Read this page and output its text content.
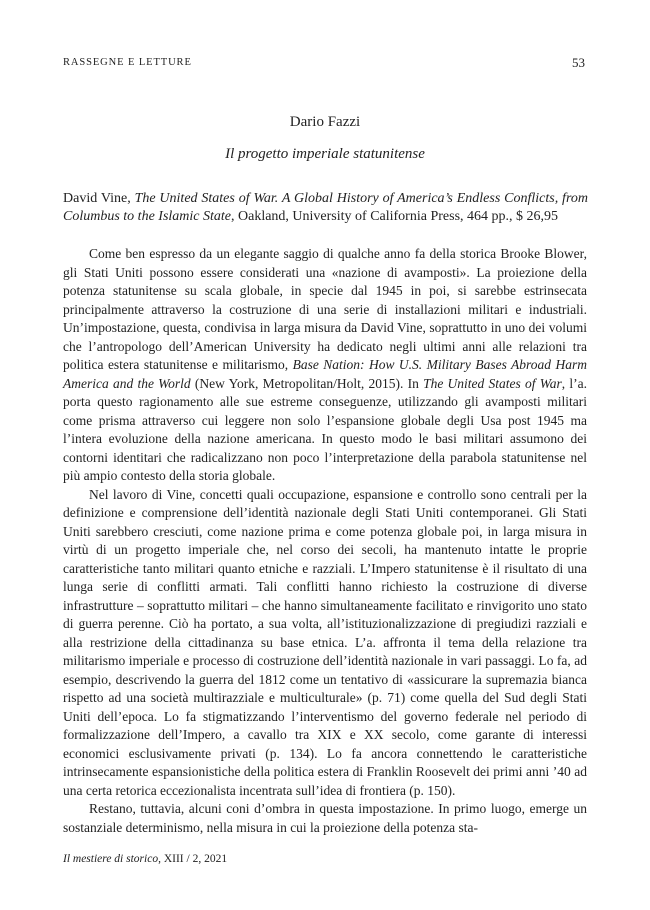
RASSEGNE E LETTURE	53
Dario Fazzi
Il progetto imperiale statunitense
David Vine, The United States of War. A Global History of America’s Endless Conflicts, from Columbus to the Islamic State, Oakland, University of California Press, 464 pp., $ 26,95

Come ben espresso da un elegante saggio di qualche anno fa della storica Brooke Blower, gli Stati Uniti possono essere considerati una «nazione di avamposti». La proiezione della potenza statunitense su scala globale, in specie dal 1945 in poi, si sarebbe estrinsecata principalmente attraverso la costruzione di una serie di installazioni militari e industriali. Un’impostazione, questa, condivisa in larga misura da David Vine, soprattutto in uno dei volumi che l’antropologo dell’American University ha dedicato negli ultimi anni alle relazioni tra politica estera statunitense e militarismo, Base Nation: How U.S. Military Bases Abroad Harm America and the World (New York, Metropolitan/Holt, 2015). In The United States of War, l’a. porta questo ragionamento alle sue estreme conseguenze, utilizzando gli avamposti militari come prisma attraverso cui leggere non solo l’espansione globale degli Usa post 1945 ma l’intera evoluzione della nazione americana. In questo modo le basi militari assumono dei contorni identitari che radicalizzano non poco l’interpretazione della parabola statunitense nel più ampio contesto della storia globale.

Nel lavoro di Vine, concetti quali occupazione, espansione e controllo sono centrali per la definizione e comprensione dell’identità nazionale degli Stati Uniti contemporanei. Gli Stati Uniti sarebbero cresciuti, come nazione prima e come potenza globale poi, in larga misura in virtù di un progetto imperiale che, nel corso dei secoli, ha mantenuto intatte le proprie caratteristiche tanto militari quanto etniche e razziali. L’Impero statunitense è il risultato di una lunga serie di conflitti armati. Tali conflitti hanno richiesto la costruzione di diverse infrastrutture – soprattutto militari – che hanno simultaneamente facilitato e rinvigorito uno stato di guerra perenne. Ciò ha portato, a sua volta, all’istituzionalizzazione di pregiudizi razziali e alla restrizione della cittadinanza su base etnica. L’a. affronta il tema della relazione tra militarismo imperiale e processo di costruzione dell’identità nazionale in vari passaggi. Lo fa, ad esempio, descrivendo la guerra del 1812 come un tentativo di «assicurare la supremazia bianca rispetto ad una società multirazziale e multiculturale» (p. 71) come quella del Sud degli Stati Uniti dell’epoca. Lo fa stigmatizzando l’interventismo del governo federale nel periodo di formalizzazione dell’Impero, a cavallo tra XIX e XX secolo, come garante di interessi economici esclusivamente privati (p. 134). Lo fa ancora connettendo le caratteristiche intrinsecamente espansionistiche della politica estera di Franklin Roosevelt dei primi anni ’40 ad una certa retorica eccezionalista incentrata sull’idea di frontiera (p. 150).

Restano, tuttavia, alcuni coni d’ombra in questa impostazione. In primo luogo, emerge un sostanziale determinismo, nella misura in cui la proiezione della potenza sta-

Il mestiere di storico, XIII / 2, 2021
